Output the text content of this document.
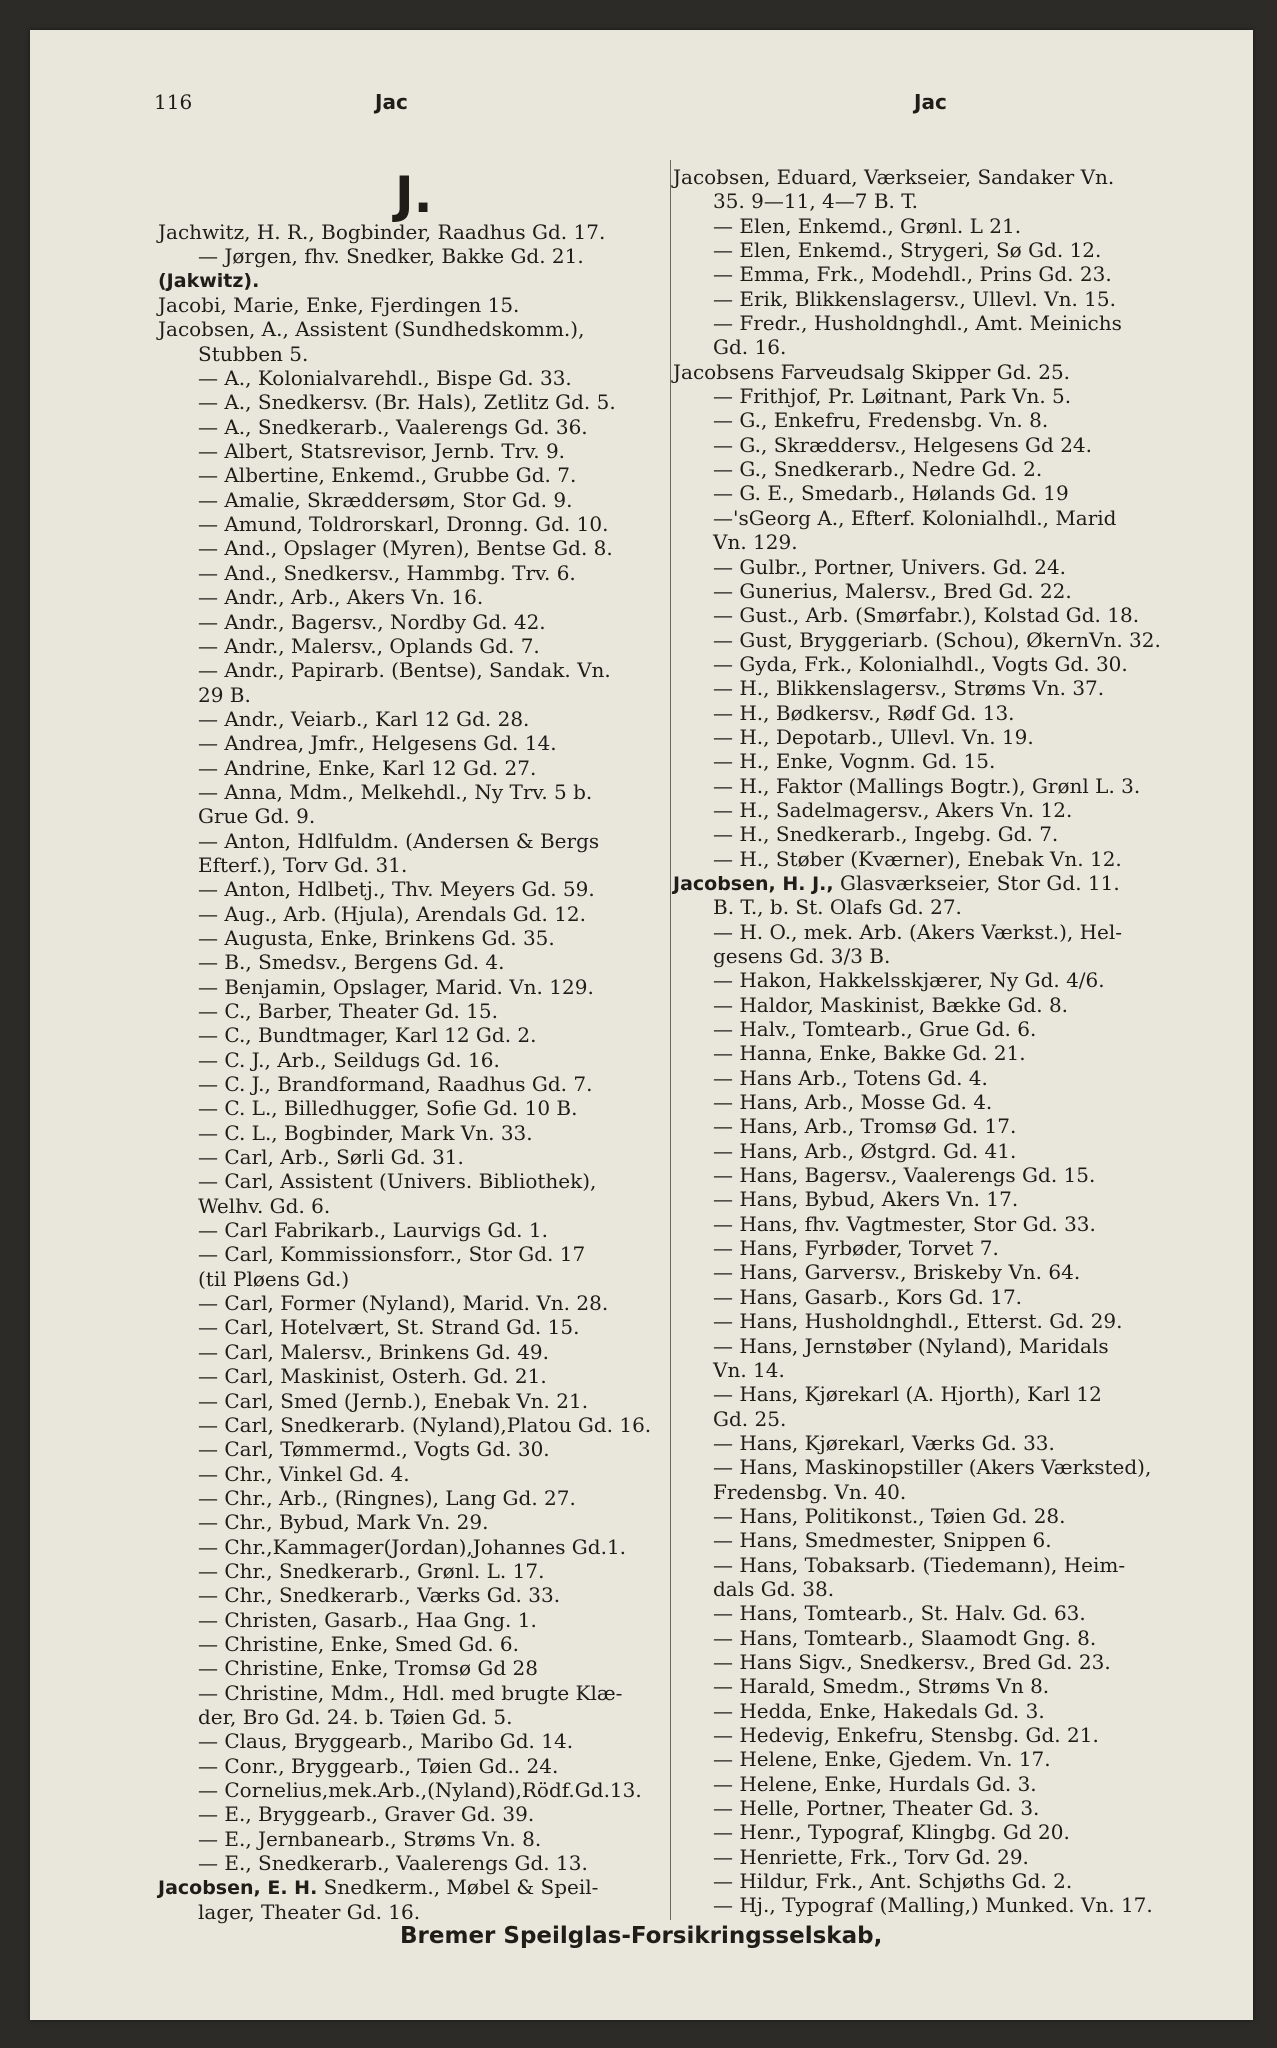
116	Jac	Jac
J.
Jachwitz, H. R., Bogbinder, Raadhus Gd. 17.
— Jørgen, fhv. Snedker, Bakke Gd. 21.
(Jakwitz).
Jacobi, Marie, Enke, Fjerdingen 15.
Jacobsen, A., Assistent (Sundhedskomm.),
Stubben 5.
— A., Kolonialvarehdl., Bispe Gd. 33.
— A., Snedkersv. (Br. Hals), Zetlitz Gd. 5.
— A., Snedkerarb., Vaalerengs Gd. 36.
— Albert, Statsrevisor, Jernb. Trv. 9.
— Albertine, Enkemd., Grubbe Gd. 7.
— Amalie, Skræddersøm, Stor Gd. 9.
— Amund, Toldrorskarl, Dronng. Gd. 10.
— And., Opslager (Myren), Bentse Gd. 8.
— And., Snedkersv., Hammbg. Trv. 6.
— Andr., Arb., Akers Vn. 16.
— Andr., Bagersv., Nordby Gd. 42.
— Andr., Malersv., Oplands Gd. 7.
— Andr., Papirarb. (Bentse), Sandak. Vn.
29 B.
— Andr., Veiarb., Karl 12 Gd. 28.
— Andrea, Jmfr., Helgesens Gd. 14.
— Andrine, Enke, Karl 12 Gd. 27.
— Anna, Mdm., Melkehdl., Ny Trv. 5 b.
Grue Gd. 9.
— Anton, Hdlfuldm. (Andersen & Bergs
Efterf.), Torv Gd. 31.
— Anton, Hdlbetj., Thv. Meyers Gd. 59.
— Aug., Arb. (Hjula), Arendals Gd. 12.
— Augusta, Enke, Brinkens Gd. 35.
— B., Smedsv., Bergens Gd. 4.
— Benjamin, Opslager, Marid. Vn. 129.
— C., Barber, Theater Gd. 15.
— C., Bundtmager, Karl 12 Gd. 2.
— C. J., Arb., Seildugs Gd. 16.
— C. J., Brandformand, Raadhus Gd. 7.
— C. L., Billedhugger, Sofie Gd. 10 B.
— C. L., Bogbinder, Mark Vn. 33.
— Carl, Arb., Sørli Gd. 31.
— Carl, Assistent (Univers. Bibliothek),
Welhv. Gd. 6.
— Carl Fabrikarb., Laurvigs Gd. 1.
— Carl, Kommissionsforr., Stor Gd. 17
(til Pløens Gd.)
— Carl, Former (Nyland), Marid. Vn. 28.
— Carl, Hotelvært, St. Strand Gd. 15.
— Carl, Malersv., Brinkens Gd. 49.
— Carl, Maskinist, Osterh. Gd. 21.
— Carl, Smed (Jernb.), Enebak Vn. 21.
— Carl, Snedkerarb. (Nyland),Platou Gd. 16.
— Carl, Tømmermd., Vogts Gd. 30.
— Chr., Vinkel Gd. 4.
— Chr., Arb., (Ringnes), Lang Gd. 27.
— Chr., Bybud, Mark Vn. 29.
— Chr.,Kammager(Jordan),Johannes Gd.1.
— Chr., Snedkerarb., Grønl. L. 17.
— Chr., Snedkerarb., Værks Gd. 33.
— Christen, Gasarb., Haa Gng. 1.
— Christine, Enke, Smed Gd. 6.
— Christine, Enke, Tromsø Gd 28
— Christine, Mdm., Hdl. med brugte Klæ-
der, Bro Gd. 24. b. Tøien Gd. 5.
— Claus, Bryggearb., Maribo Gd. 14.
— Conr., Bryggearb., Tøien Gd.. 24.
— Cornelius,mek.Arb.,(Nyland),Rödf.Gd.13.
— E., Bryggearb., Graver Gd. 39.
— E., Jernbanearb., Strøms Vn. 8.
— E., Snedkerarb., Vaalerengs Gd. 13.
Jacobsen, E. H. Snedkerm., Møbel & Speil-
lager, Theater Gd. 16.
Jacobsen, Eduard, Værkseier, Sandaker Vn.
35. 9—11, 4—7 B. T.
— Elen, Enkemd., Grønl. L 21.
— Elen, Enkemd., Strygeri, Sø Gd. 12.
— Emma, Frk., Modehdl., Prins Gd. 23.
— Erik, Blikkenslagersv., Ullevl. Vn. 15.
— Fredr., Husholdnghdl., Amt. Meinichs
Gd. 16.
Jacobsens Farveudsalg Skipper Gd. 25.
— Frithjof, Pr. Løitnant, Park Vn. 5.
— G., Enkefru, Fredensbg. Vn. 8.
— G., Skræddersv., Helgesens Gd 24.
— G., Snedkerarb., Nedre Gd. 2.
— G. E., Smedarb., Hølands Gd. 19
—'sGeorg A., Efterf. Kolonialhdl., Marid
Vn. 129.
— Gulbr., Portner, Univers. Gd. 24.
— Gunerius, Malersv., Bred Gd. 22.
— Gust., Arb. (Smørfabr.), Kolstad Gd. 18.
— Gust, Bryggeriarb. (Schou), ØkernVn. 32.
— Gyda, Frk., Kolonialhdl., Vogts Gd. 30.
— H., Blikkenslagersv., Strøms Vn. 37.
— H., Bødkersv., Rødf Gd. 13.
— H., Depotarb., Ullevl. Vn. 19.
— H., Enke, Vognm. Gd. 15.
— H., Faktor (Mallings Bogtr.), Grønl L. 3.
— H., Sadelmagersv., Akers Vn. 12.
— H., Snedkerarb., Ingebg. Gd. 7.
— H., Støber (Kværner), Enebak Vn. 12.
Jacobsen, H. J., Glasværkseier, Stor Gd. 11.
B. T., b. St. Olafs Gd. 27.
— H. O., mek. Arb. (Akers Værkst.), Hel-
gesens Gd. 3/3 B.
— Hakon, Hakkelsskjærer, Ny Gd. 4/6.
— Haldor, Maskinist, Bække Gd. 8.
— Halv., Tomtearb., Grue Gd. 6.
— Hanna, Enke, Bakke Gd. 21.
— Hans Arb., Totens Gd. 4.
— Hans, Arb., Mosse Gd. 4.
— Hans, Arb., Tromsø Gd. 17.
— Hans, Arb., Østgrd. Gd. 41.
— Hans, Bagersv., Vaalerengs Gd. 15.
— Hans, Bybud, Akers Vn. 17.
— Hans, fhv. Vagtmester, Stor Gd. 33.
— Hans, Fyrbøder, Torvet 7.
— Hans, Garversv., Briskeby Vn. 64.
— Hans, Gasarb., Kors Gd. 17.
— Hans, Husholdnghdl., Etterst. Gd. 29.
— Hans, Jernstøber (Nyland), Maridals
Vn. 14.
— Hans, Kjørekarl (A. Hjorth), Karl 12
Gd. 25.
— Hans, Kjørekarl, Værks Gd. 33.
— Hans, Maskinopstiller (Akers Værksted),
Fredensbg. Vn. 40.
— Hans, Politikonst., Tøien Gd. 28.
— Hans, Smedmester, Snippen 6.
— Hans, Tobaksarb. (Tiedemann), Heim-
dals Gd. 38.
— Hans, Tomtearb., St. Halv. Gd. 63.
— Hans, Tomtearb., Slaamodt Gng. 8.
— Hans Sigv., Snedkersv., Bred Gd. 23.
— Harald, Smedm., Strøms Vn 8.
— Hedda, Enke, Hakedals Gd. 3.
— Hedevig, Enkefru, Stensbg. Gd. 21.
— Helene, Enke, Gjedem. Vn. 17.
— Helene, Enke, Hurdals Gd. 3.
— Helle, Portner, Theater Gd. 3.
— Henr., Typograf, Klingbg. Gd 20.
— Henriette, Frk., Torv Gd. 29.
— Hildur, Frk., Ant. Schjøths Gd. 2.
— Hj., Typograf (Malling,) Munked. Vn. 17.
Bremer Speilglas-Forsikringsselskab,
